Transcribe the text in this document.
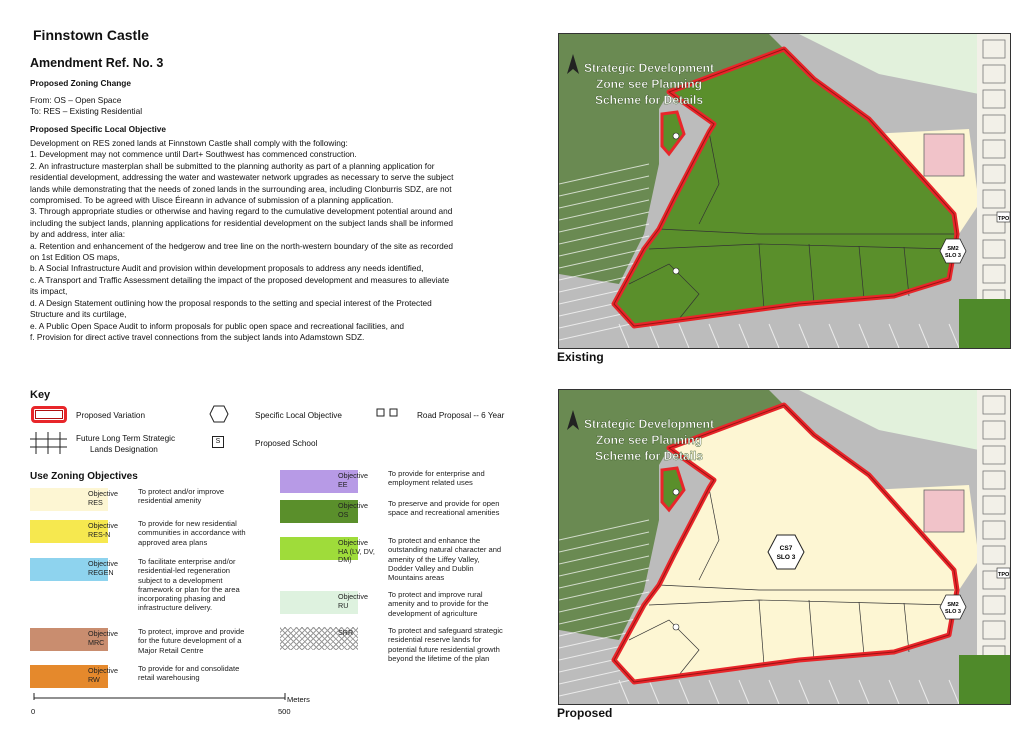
Finnstown Castle
Amendment Ref. No. 3
Proposed Zoning Change
From: OS – Open Space
To: RES – Existing Residential
Proposed Specific Local Objective
Development on RES zoned lands at Finnstown Castle shall comply with the following:
1. Development may not commence until Dart+ Southwest has commenced construction.
2. An infrastructure masterplan shall be submitted to the planning authority as part of a planning application for
residential development, addressing the water and wastewater network upgrades as necessary to serve the subject
lands while demonstrating that the needs of zoned lands in the surrounding area, including Clonburris SDZ, are not
compromised. To be agreed with Uisce Éireann in advance of submission of a planning application.
3. Through appropriate studies or otherwise and having regard to the cumulative development potential around and
including the subject lands, planning applications for residential development on the subject lands shall be informed
by and address, inter alia:
a. Retention and enhancement of the hedgerow and tree line on the north-western boundary of the site as recorded
on 1st Edition OS maps,
b. A Social Infrastructure Audit and provision within development proposals to address any needs identified,
c. A Transport and Traffic Assessment detailing the impact of the proposed development and measures to alleviate
its impact,
d. A Design Statement outlining how the proposal responds to the setting and special interest of the Protected
Structure and its curtilage,
e. A Public Open Space Audit to inform proposals for public open space and recreational facilities, and
f. Provision for direct active travel connections from the subject lands into Adamstown SDZ.
Key
Proposed Variation	Specific Local Objective	Road Proposal -- 6 Year
Future Long Term Strategic
Lands Designation
S	Proposed School
Use Zoning Objectives
Objective
RES
To protect and/or improve
residential amenity
Objective
RES-N
To provide for new residential
communities in accordance with
approved area plans
Objective
REGEN
To facilitate enterprise and/or
residential-led regeneration
subject to a development
framework or plan for the area
incorporating phasing and
infrastructure delivery.
Objective
MRC
To protect, improve and provide
for the future development of a
Major Retail Centre
Objective
RW
To provide for and consolidate
retail warehousing
Objective
EE
To provide for enterprise and
employment related uses
Objective
OS
To preserve and provide for open
space and recreational amenities
Objective
HA (LV, DV,
DM)
To protect and enhance the
outstanding natural character and
amenity of the Liffey Valley,
Dodder Valley and Dublin
Mountains areas
Objective
RU
To protect and improve rural
amenity and to provide for the
development of agriculture
SRR	To protect and safeguard strategic
residential reserve lands for
potential future residential growth
beyond the lifetime of the plan
Meters
0	500
Strategic Development
Zone see Planning
Scheme for Details
SM2
SLO 3
TPO
Existing
Strategic Development
Zone see Planning
Scheme for Details
SM2
SLO 3
TPO
CS7
SLO 3
Proposed
